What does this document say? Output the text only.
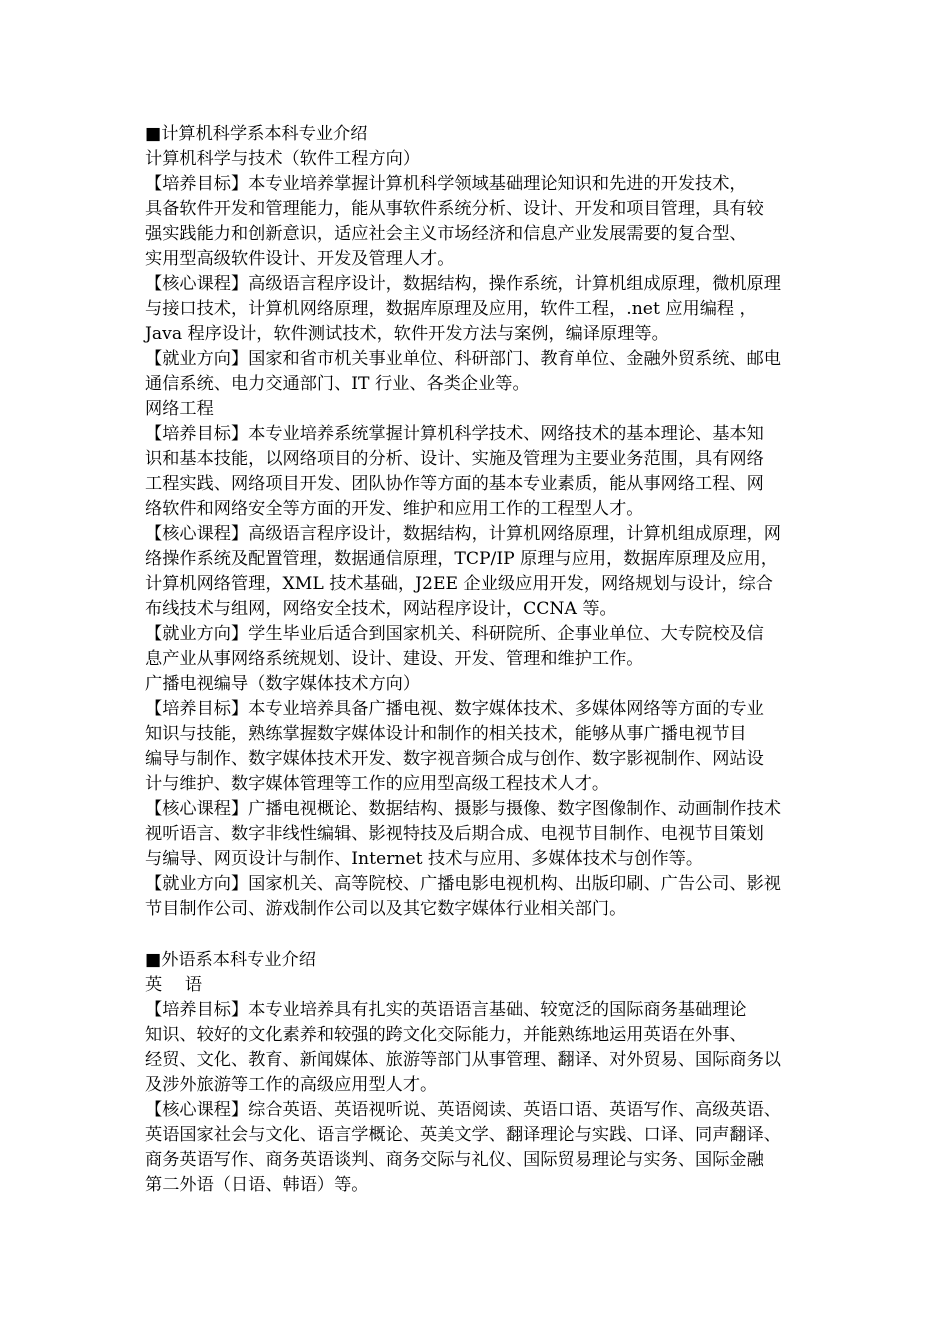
■计算机科学系本科专业介绍
计算机科学与技术（软件工程方向）
【培养目标】本专业培养掌握计算机科学领域基础理论知识和先进的开发技术，
具备软件开发和管理能力，能从事软件系统分析、设计、开发和项目管理，具有较
强实践能力和创新意识，适应社会主义市场经济和信息产业发展需要的复合型、
实用型高级软件设计、开发及管理人才。
【核心课程】高级语言程序设计，数据结构，操作系统，计算机组成原理，微机原理
与接口技术，计算机网络原理，数据库原理及应用，软件工程，.net 应用编程 ，
Java 程序设计，软件测试技术，软件开发方法与案例，编译原理等。
【就业方向】国家和省市机关事业单位、科研部门、教育单位、金融外贸系统、邮电
通信系统、电力交通部门、IT 行业、各类企业等。
网络工程
【培养目标】本专业培养系统掌握计算机科学技术、网络技术的基本理论、基本知
识和基本技能，以网络项目的分析、设计、实施及管理为主要业务范围，具有网络
工程实践、网络项目开发、团队协作等方面的基本专业素质，能从事网络工程、网
络软件和网络安全等方面的开发、维护和应用工作的工程型人才。
【核心课程】高级语言程序设计，数据结构，计算机网络原理，计算机组成原理，网
络操作系统及配置管理，数据通信原理，TCP/IP 原理与应用，数据库原理及应用，
计算机网络管理，XML 技术基础，J2EE 企业级应用开发，网络规划与设计，综合
布线技术与组网，网络安全技术，网站程序设计，CCNA 等。
【就业方向】学生毕业后适合到国家机关、科研院所、企事业单位、大专院校及信
息产业从事网络系统规划、设计、建设、开发、管理和维护工作。
广播电视编导（数字媒体技术方向）
【培养目标】本专业培养具备广播电视、数字媒体技术、多媒体网络等方面的专业
知识与技能，熟练掌握数字媒体设计和制作的相关技术，能够从事广播电视节目
编导与制作、数字媒体技术开发、数字视音频合成与创作、数字影视制作、网站设
计与维护、数字媒体管理等工作的应用型高级工程技术人才。
【核心课程】广播电视概论、数据结构、摄影与摄像、数字图像制作、动画制作技术
视听语言、数字非线性编辑、影视特技及后期合成、电视节目制作、电视节目策划
与编导、网页设计与制作、Internet 技术与应用、多媒体技术与创作等。
【就业方向】国家机关、高等院校、广播电影电视机构、出版印刷、广告公司、影视
节目制作公司、游戏制作公司以及其它数字媒体行业相关部门。
■外语系本科专业介绍
英　 语
【培养目标】本专业培养具有扎实的英语语言基础、较宽泛的国际商务基础理论
知识、较好的文化素养和较强的跨文化交际能力，并能熟练地运用英语在外事、
经贸、文化、教育、新闻媒体、旅游等部门从事管理、翻译、对外贸易、国际商务以
及涉外旅游等工作的高级应用型人才。
【核心课程】综合英语、英语视听说、英语阅读、英语口语、英语写作、高级英语、
英语国家社会与文化、语言学概论、英美文学、翻译理论与实践、口译、同声翻译、
商务英语写作、商务英语谈判、商务交际与礼仪、国际贸易理论与实务、国际金融
第二外语（日语、韩语）等。
